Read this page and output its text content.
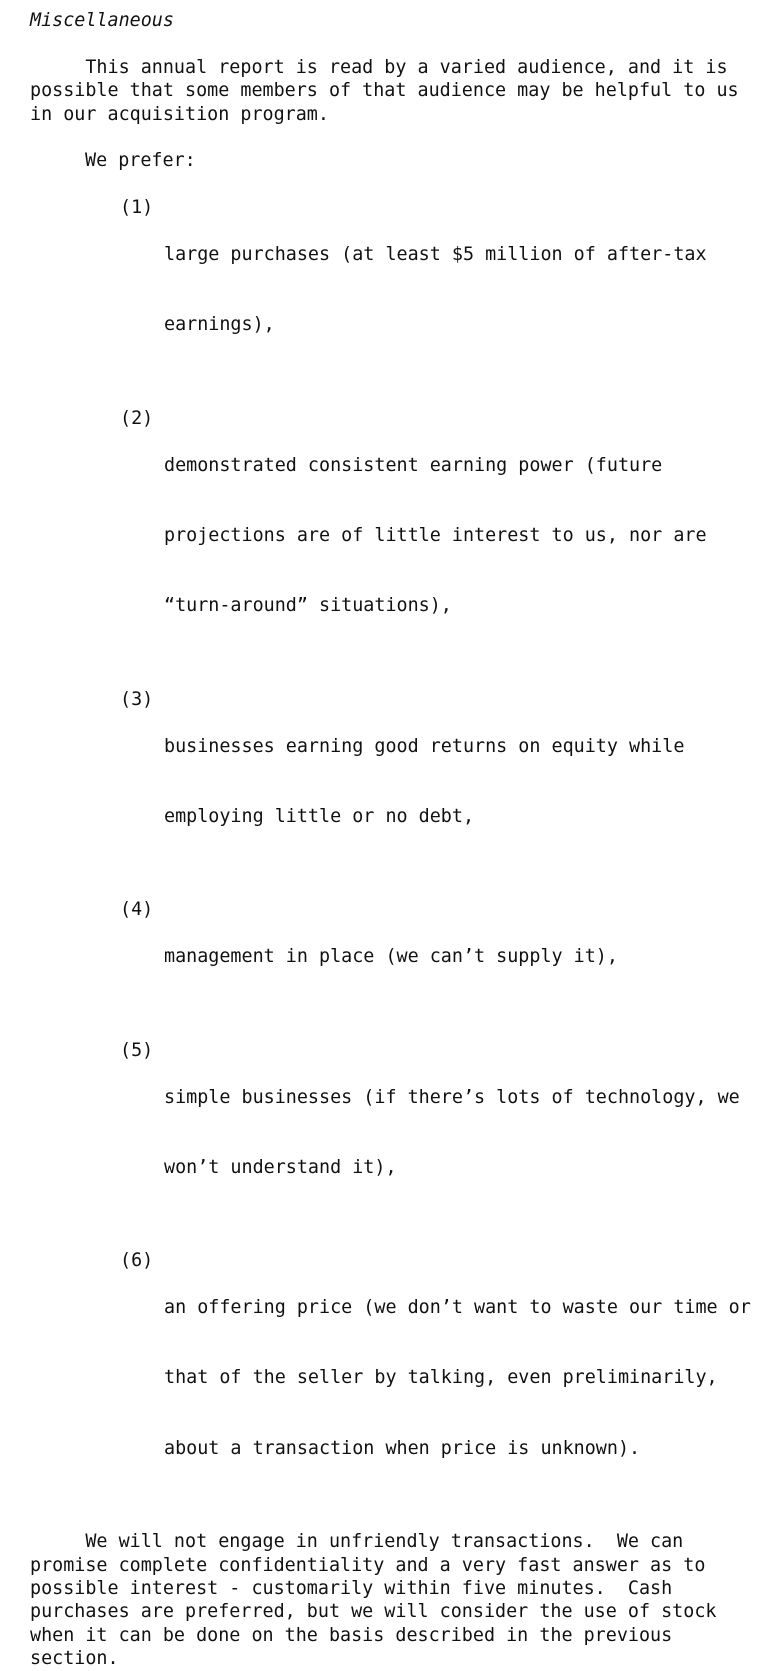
Miscellaneous

This annual report is read by a varied audience, and it is

possible that some members of that audience may be helpful to us

in our acquisition program.

We prefer:

(1)

large purchases (at least $5 million of after-tax

earnings),

(2)

demonstrated consistent earning power (future

projections are of little interest to us, nor are

“turn-around” situations),

(3)

businesses earning good returns on equity while

employing little or no debt,

(4)

management in place (we can’t supply it),

(5)

simple businesses (if there’s lots of technology, we

won’t understand it),

(6)

an offering price (we don’t want to waste our time or

that of the seller by talking, even preliminarily,

about a transaction when price is unknown).

We will not engage in unfriendly transactions.  We can

promise complete confidentiality and a very fast answer as to

possible interest - customarily within five minutes.  Cash

purchases are preferred, but we will consider the use of stock

when it can be done on the basis described in the previous

section.
